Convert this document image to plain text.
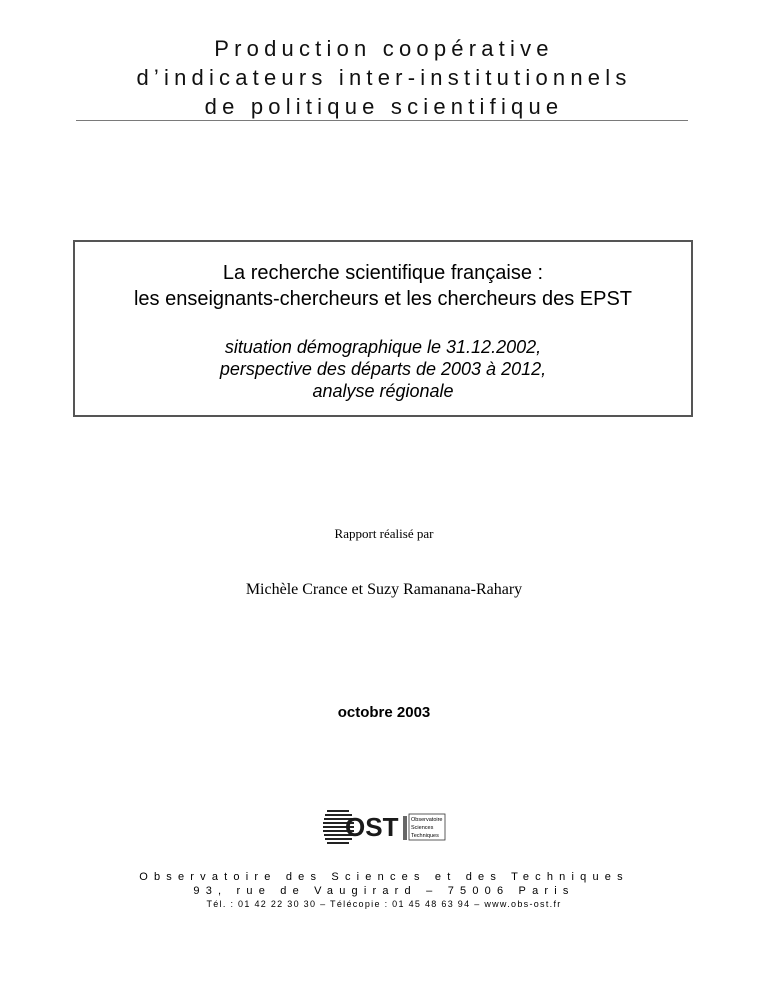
Production coopérative
d’indicateurs inter-institutionnels
de politique scientifique
La recherche scientifique française :
les enseignants-chercheurs et les chercheurs des EPST
situation démographique le 31.12.2002,
perspective des départs de 2003 à 2012,
analyse régionale
Rapport réalisé par
Michèle Crance et Suzy Ramanana-Rahary
octobre 2003
OST Observatoire
Sciences
Techniques
Observatoire des Sciences et des Techniques
93, rue de Vaugirard – 75006 Paris
Tél. : 01 42 22 30 30 – Télécopie : 01 45 48 63 94 – www.obs-ost.fr
